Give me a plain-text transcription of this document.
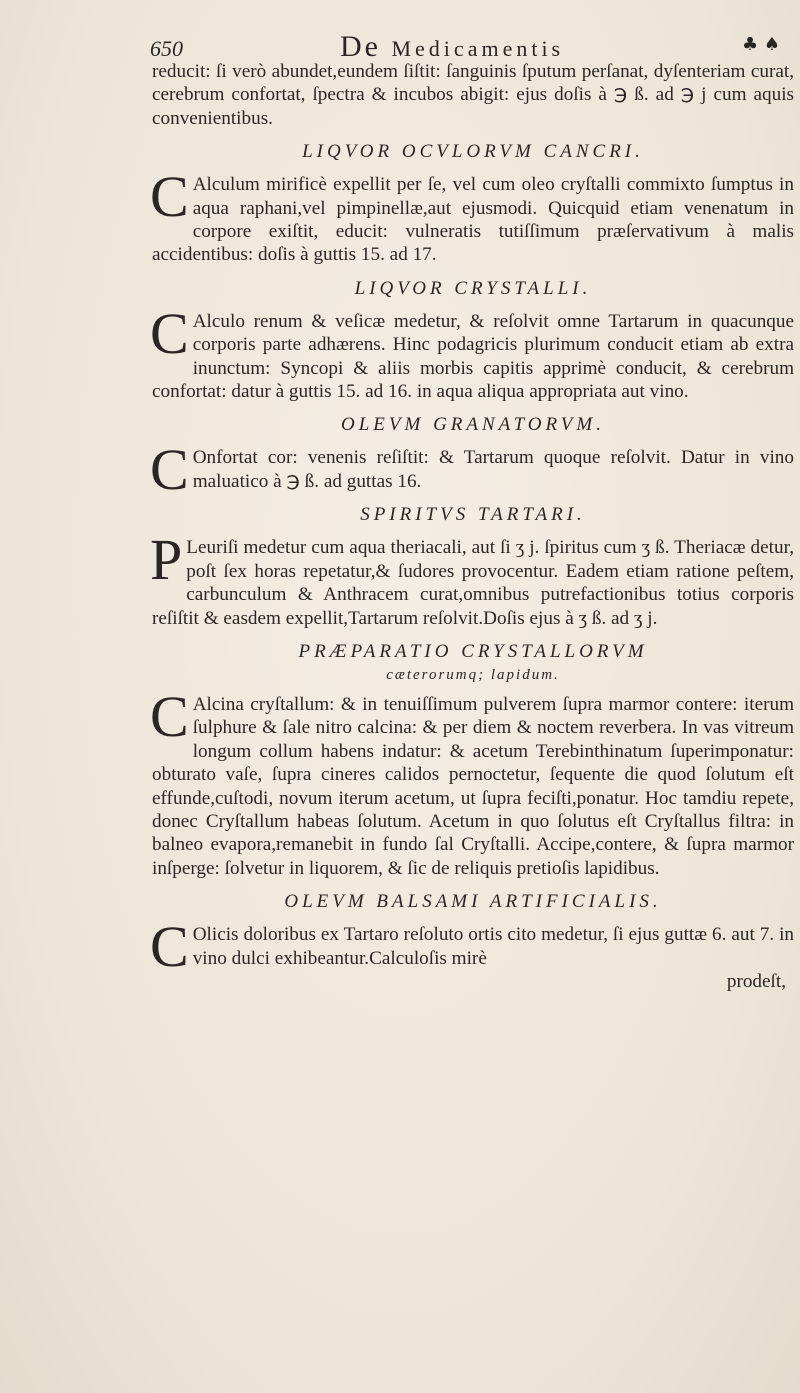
650	De Medicamentis	♣ ♠

reducit: ſi verò abundet,eundem ſiſtit: ſanguinis ſputum perſanat, dyſenteriam curat, cerebrum confortat, ſpectra & incubos abigit: ejus doſis à ℈ ß. ad ℈ j cum aquis convenientibus.

LIQVOR OCVLORVM CANCRI.

CAlculum mirificè expellit per ſe, vel cum oleo cryſtalli commixto ſumptus in aqua raphani,vel pimpinellæ,aut ejusmodi. Quicquid etiam venenatum in corpore exiſtit, educit: vulneratis tutiſſimum præſervativum à malis accidentibus: doſis à guttis 15. ad 17.

LIQVOR CRYSTALLI.

CAlculo renum & veſicæ medetur, & reſolvit omne Tartarum in quacunque corporis parte adhærens. Hinc podagricis plurimum conducit etiam ab extra inunctum: Syncopi & aliis morbis capitis apprimè conducit, & cerebrum confortat: datur à guttis 15. ad 16. in aqua aliqua appropriata aut vino.

OLEVM GRANATORVM.

COnfortat cor: venenis reſiſtit: & Tartarum quoque reſolvit. Datur in vino maluatico à ℈ ß. ad guttas 16.

SPIRITVS TARTARI.

PLeuriſi medetur cum aqua theriacali, aut ſi ʒ j. ſpiritus cum ʒ ß. Theriacæ detur, poſt ſex horas repetatur,& ſudores provocentur. Eadem etiam ratione peſtem, carbunculum & Anthracem curat,omnibus putrefactionibus totius corporis reſiſtit & easdem expellit,Tartarum reſolvit.Doſis ejus à ʒ ß. ad ʒ j.

PRÆPARATIO CRYSTALLORVM
cæterorumq; lapidum.

CAlcina cryſtallum: & in tenuiſſimum pulverem ſupra marmor contere: iterum ſulphure & ſale nitro calcina: & per diem & noctem reverbera. In vas vitreum longum collum habens indatur: & acetum Terebinthinatum ſuperimponatur: obturato vaſe, ſupra cineres calidos pernoctetur, ſequente die quod ſolutum eſt effunde,cuſtodi, novum iterum acetum, ut ſupra feciſti,ponatur. Hoc tamdiu repete, donec Cryſtallum habeas ſolutum. Acetum in quo ſolutus eſt Cryſtallus filtra: in balneo evapora,remanebit in fundo ſal Cryſtalli. Accipe,contere, & ſupra marmor inſperge: ſolvetur in liquorem, & ſic de reliquis pretioſis lapidibus.

OLEVM BALSAMI ARTIFICIALIS.

COlicis doloribus ex Tartaro reſoluto ortis cito medetur, ſi ejus guttæ 6. aut 7. in vino dulci exhibeantur.Calculoſis mirè

prodeſt,
